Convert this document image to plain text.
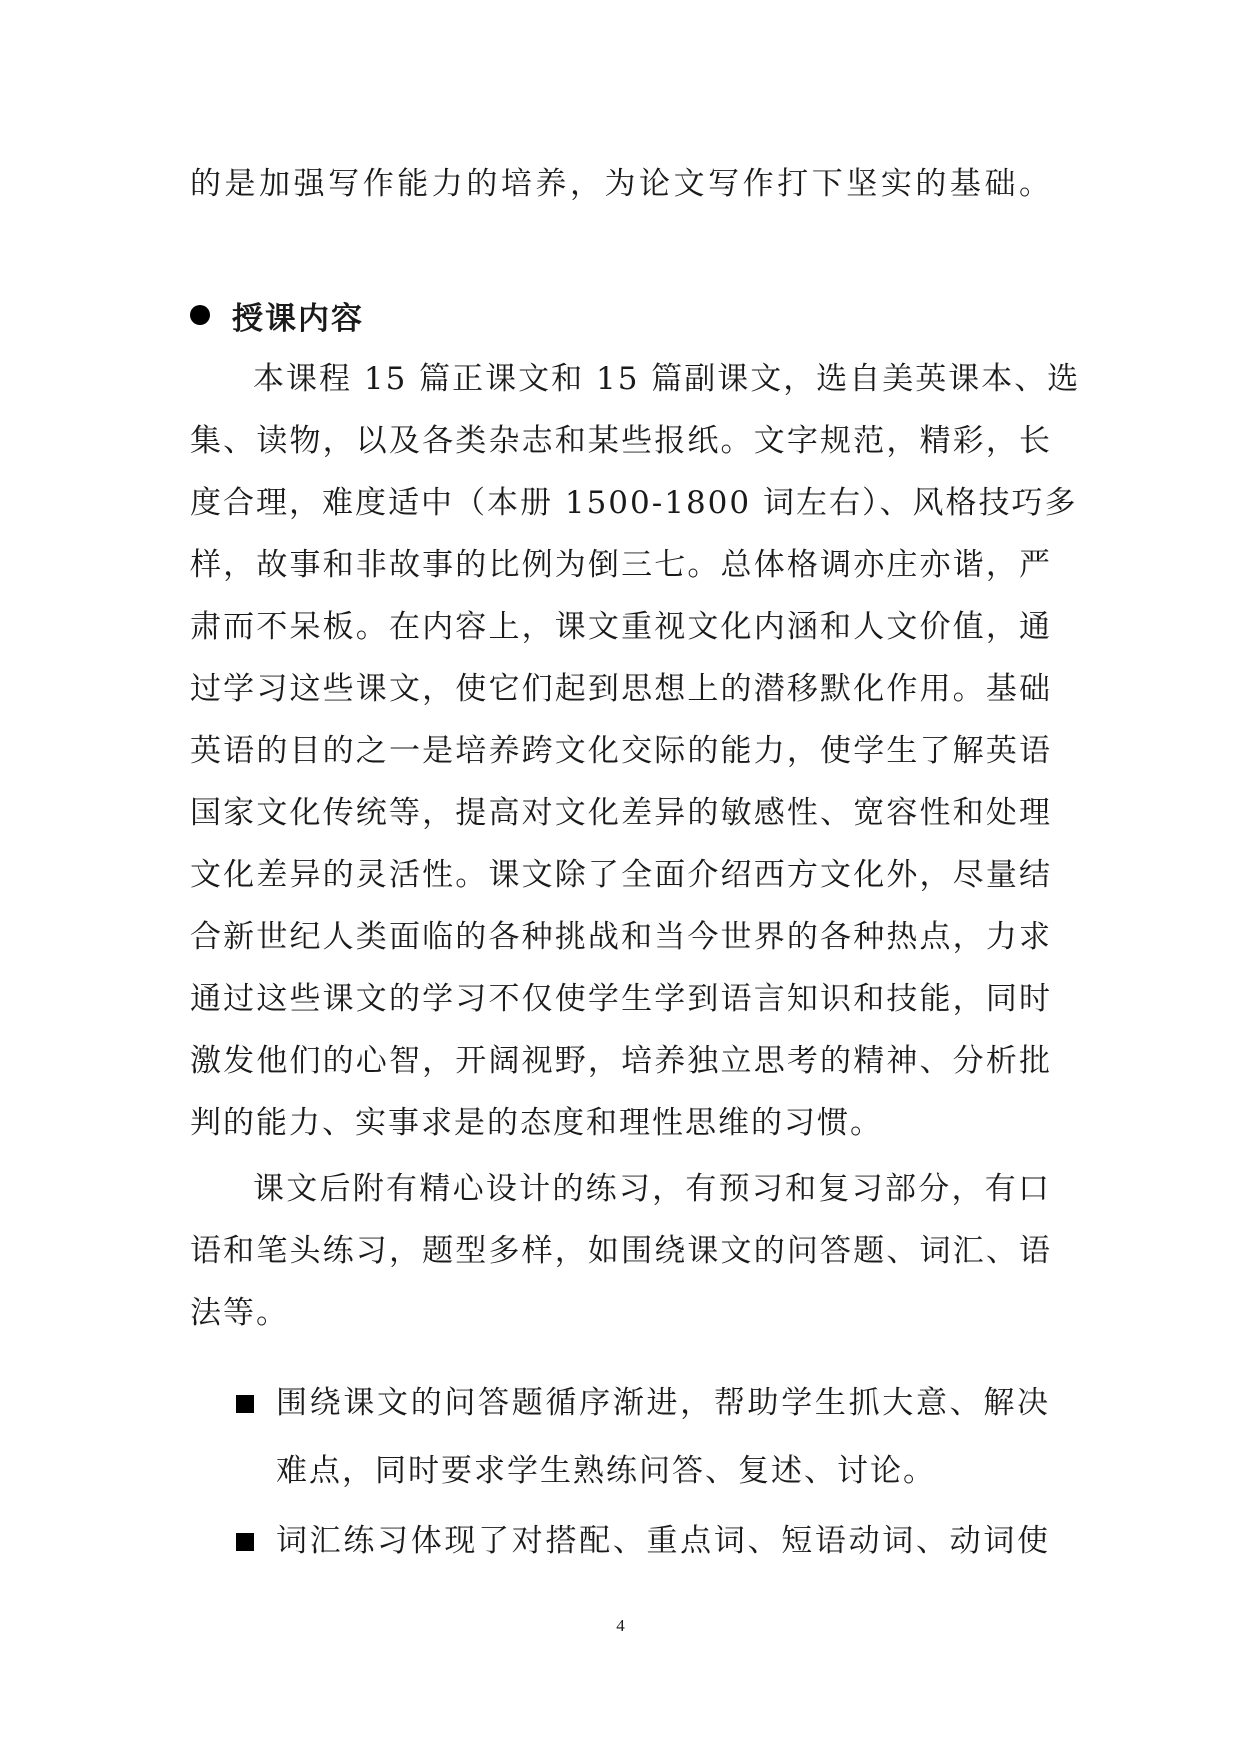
的是加强写作能力的培养，为论文写作打下坚实的基础。
授课内容
本课程 15 篇正课文和 15 篇副课文，选自美英课本、选
集、读物，以及各类杂志和某些报纸。文字规范，精彩，长
度合理，难度适中（本册 1500-1800 词左右）、风格技巧多
样，故事和非故事的比例为倒三七。总体格调亦庄亦谐，严
肃而不呆板。在内容上，课文重视文化内涵和人文价值，通
过学习这些课文，使它们起到思想上的潜移默化作用。基础
英语的目的之一是培养跨文化交际的能力，使学生了解英语
国家文化传统等，提高对文化差异的敏感性、宽容性和处理
文化差异的灵活性。课文除了全面介绍西方文化外，尽量结
合新世纪人类面临的各种挑战和当今世界的各种热点，力求
通过这些课文的学习不仅使学生学到语言知识和技能，同时
激发他们的心智，开阔视野，培养独立思考的精神、分析批
判的能力、实事求是的态度和理性思维的习惯。
课文后附有精心设计的练习，有预习和复习部分，有口
语和笔头练习，题型多样，如围绕课文的问答题、词汇、语
法等。
围绕课文的问答题循序渐进，帮助学生抓大意、解决
难点，同时要求学生熟练问答、复述、讨论。
词汇练习体现了对搭配、重点词、短语动词、动词使
4
